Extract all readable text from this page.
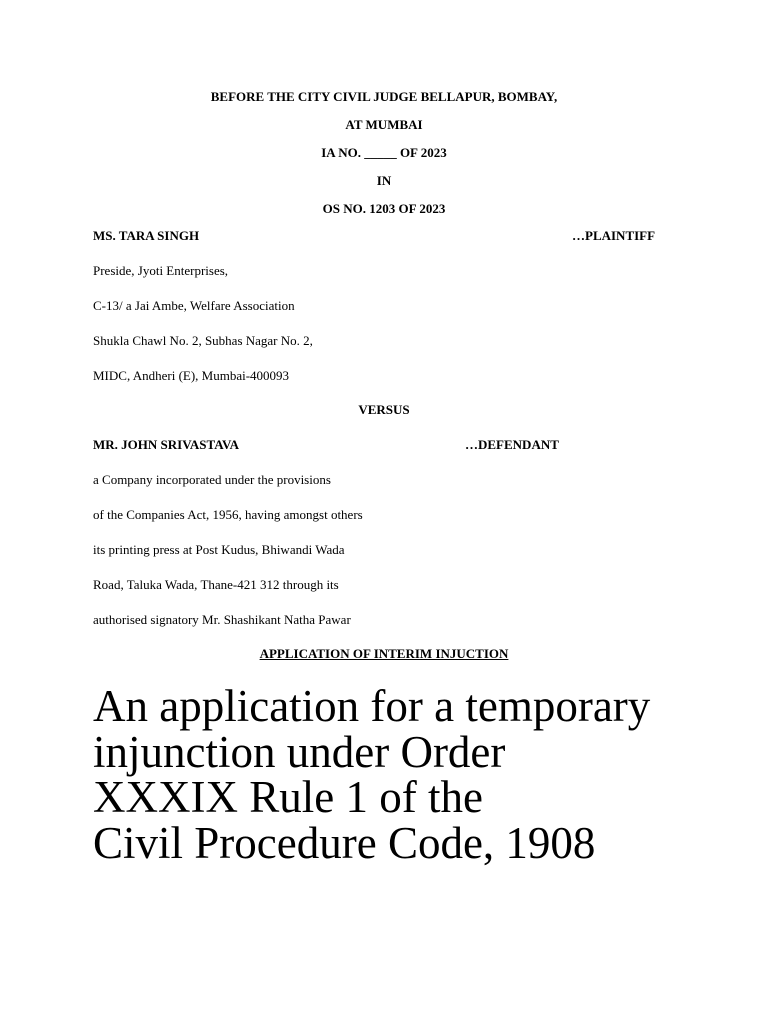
BEFORE THE CITY CIVIL JUDGE BELLAPUR, BOMBAY,
AT MUMBAI
IA NO. _____ OF 2023
IN
OS NO. 1203 OF 2023
MS. TARA SINGH	…PLAINTIFF
Preside, Jyoti Enterprises,
C-13/ a Jai Ambe, Welfare Association
Shukla Chawl No. 2, Subhas Nagar No. 2,
MIDC, Andheri (E), Mumbai-400093
VERSUS
MR. JOHN SRIVASTAVA	…DEFENDANT
a Company incorporated under the provisions
of the Companies Act, 1956, having amongst others
its printing press at Post Kudus, Bhiwandi Wada
Road, Taluka Wada, Thane-421 312 through its
authorised signatory Mr. Shashikant Natha Pawar
APPLICATION OF INTERIM INJUCTION
An application for a temporary
injunction under Order
XXXIX Rule 1 of the
Civil Procedure Code, 1908
